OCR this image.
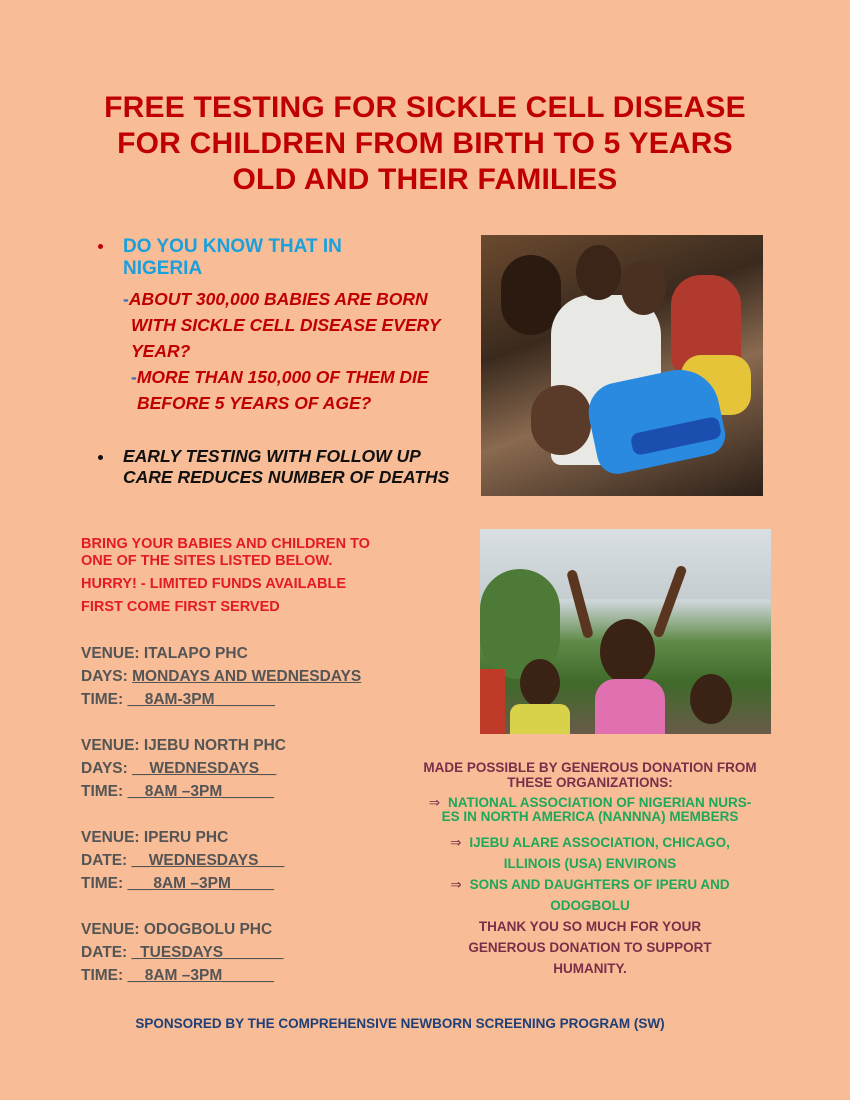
FREE TESTING FOR SICKLE CELL DISEASE
FOR CHILDREN FROM BIRTH TO 5 YEARS
OLD AND THEIR FAMILIES
DO YOU KNOW THAT IN
NIGERIA
-ABOUT 300,000 BABIES ARE BORN
WITH SICKLE CELL DISEASE EVERY
YEAR?
-MORE THAN 150,000 OF THEM DIE
BEFORE 5 YEARS OF AGE?
EARLY TESTING WITH FOLLOW UP
CARE REDUCES NUMBER OF DEATHS
BRING YOUR BABIES AND CHILDREN TO
ONE OF THE SITES LISTED BELOW.
HURRY! - LIMITED FUNDS AVAILABLE
FIRST COME FIRST SERVED
VENUE: ITALAPO PHC
DAYS: MONDAYS AND WEDNESDAYS
TIME: __8AM-3PM_______
VENUE: IJEBU NORTH PHC
DAYS: __WEDNESDAYS__
TIME: __8AM –3PM______
VENUE: IPERU PHC
DATE: __WEDNESDAYS___
TIME: ___8AM –3PM_____
VENUE: ODOGBOLU PHC
DATE: _TUESDAYS_______
TIME: __8AM –3PM______
MADE POSSIBLE BY GENEROUS DONATION FROM
THESE ORGANIZATIONS:
⇒ NATIONAL ASSOCIATION OF NIGERIAN NURS-
ES IN NORTH AMERICA (NANNNA) MEMBERS
⇒ IJEBU ALARE ASSOCIATION, CHICAGO,
ILLINOIS (USA) ENVIRONS
⇒ SONS AND DAUGHTERS OF IPERU AND
ODOGBOLU
THANK YOU SO MUCH FOR YOUR
GENEROUS DONATION TO SUPPORT
HUMANITY.
SPONSORED BY THE COMPREHENSIVE NEWBORN SCREENING PROGRAM (SW)
